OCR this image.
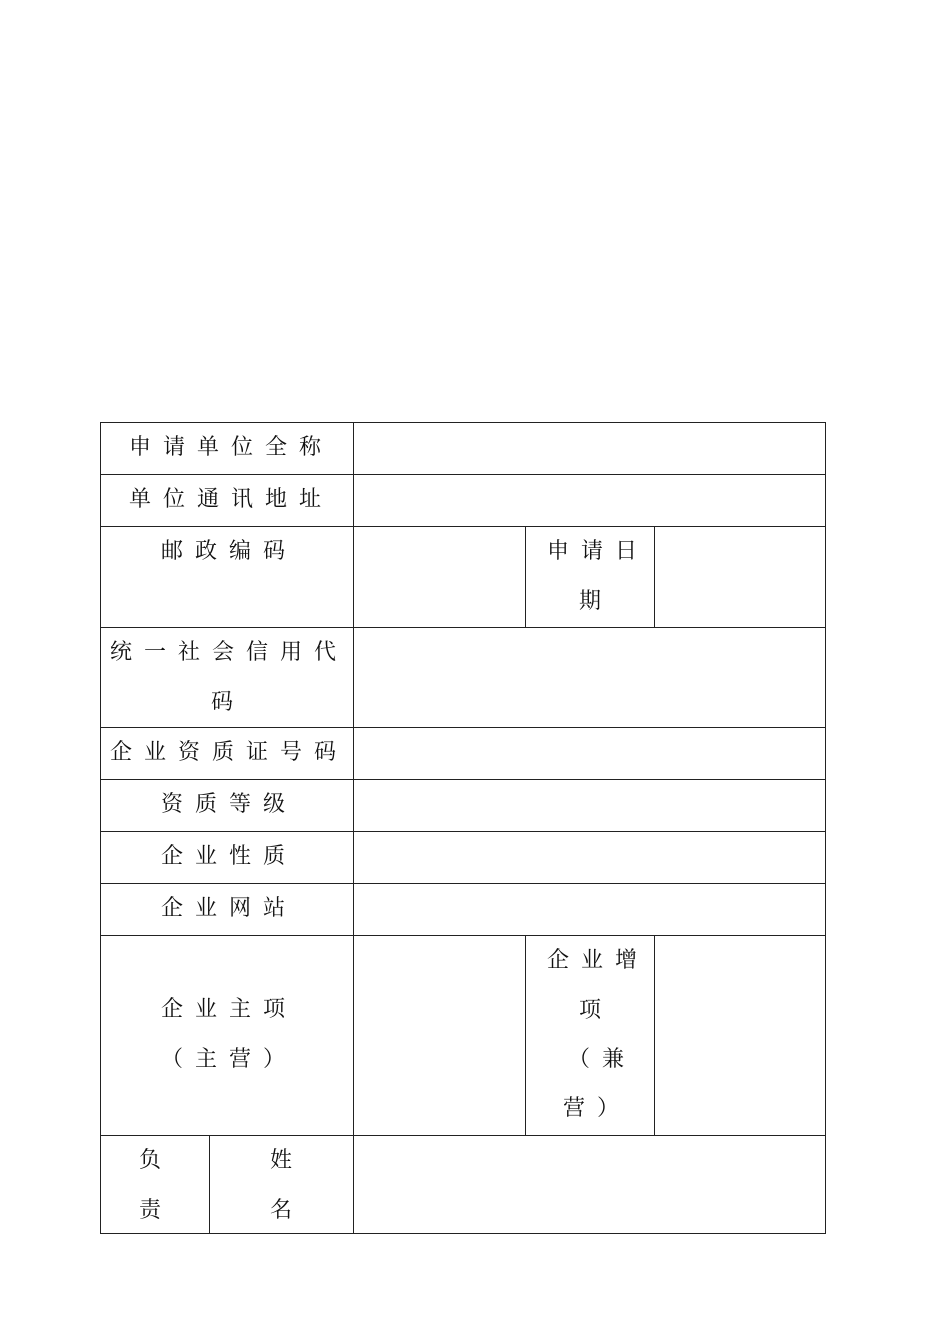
申请单位全称
单位通讯地址
邮政编码	申请日
期
统一社会信用代
码
企业资质证号码
资质等级
企业性质
企业网站
企业主项
（主营）
企业增
项
（兼
营）
负
责
姓
名
